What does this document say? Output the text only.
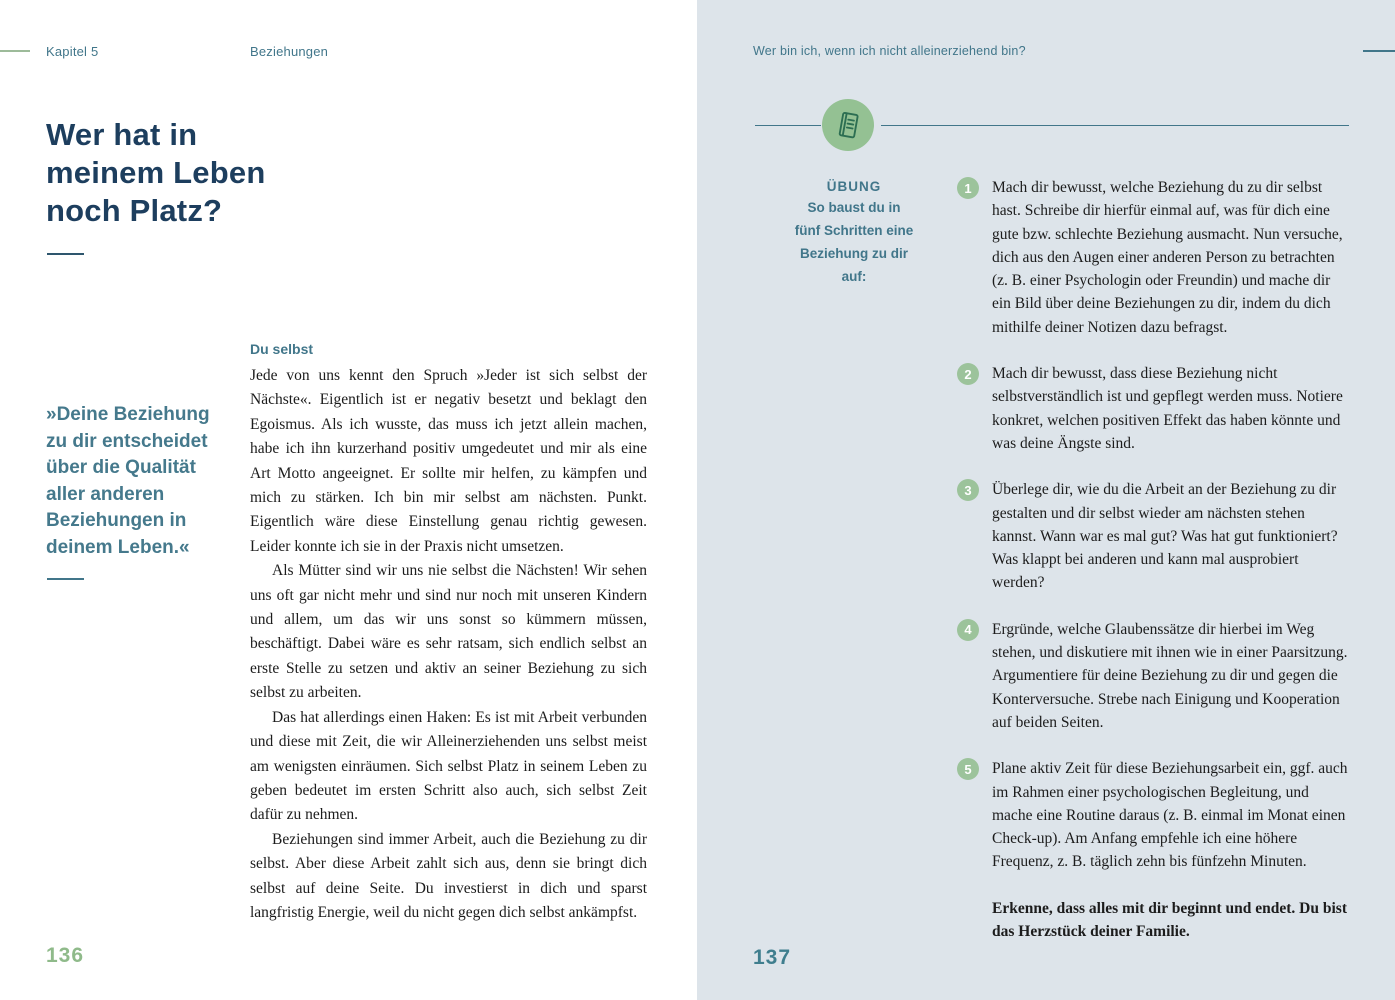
Kapitel 5	Beziehungen
Wer hat in meinem Leben noch Platz?
»Deine Beziehung zu dir entscheidet über die Qualität aller anderen Beziehungen in deinem Leben.«
Du selbst

Jede von uns kennt den Spruch »Jeder ist sich selbst der Nächste«. Eigentlich ist er negativ besetzt und beklagt den Egoismus. Als ich wusste, das muss ich jetzt allein machen, habe ich ihn kurzerhand positiv umgedeutet und mir als eine Art Motto angeeignet. Er sollte mir helfen, zu kämpfen und mich zu stärken. Ich bin mir selbst am nächsten. Punkt. Eigentlich wäre diese Einstellung genau richtig gewesen. Leider konnte ich sie in der Praxis nicht umsetzen.

Als Mütter sind wir uns nie selbst die Nächsten! Wir sehen uns oft gar nicht mehr und sind nur noch mit unseren Kindern und allem, um das wir uns sonst so kümmern müssen, beschäftigt. Dabei wäre es sehr ratsam, sich endlich selbst an erste Stelle zu setzen und aktiv an seiner Beziehung zu sich selbst zu arbeiten.

Das hat allerdings einen Haken: Es ist mit Arbeit verbunden und diese mit Zeit, die wir Alleinerziehenden uns selbst meist am wenigsten einräumen. Sich selbst Platz in seinem Leben zu geben bedeutet im ersten Schritt also auch, sich selbst Zeit dafür zu nehmen.

Beziehungen sind immer Arbeit, auch die Beziehung zu dir selbst. Aber diese Arbeit zahlt sich aus, denn sie bringt dich selbst auf deine Seite. Du investierst in dich und sparst langfristig Energie, weil du nicht gegen dich selbst ankämpfst.

136
Wer bin ich, wenn ich nicht alleinerziehend bin?
ÜBUNG
So baust du in fünf Schritten eine Beziehung zu dir auf:
1	Mach dir bewusst, welche Beziehung du zu dir selbst hast. Schreibe dir hierfür einmal auf, was für dich eine gute bzw. schlechte Beziehung ausmacht. Nun versuche, dich aus den Augen einer anderen Person zu betrachten (z. B. einer Psychologin oder Freundin) und mache dir ein Bild über deine Beziehungen zu dir, indem du dich mithilfe deiner Notizen dazu befragst.
2	Mach dir bewusst, dass diese Beziehung nicht selbstverständlich ist und gepflegt werden muss. Notiere konkret, welchen positiven Effekt das haben könnte und was deine Ängste sind.
3	Überlege dir, wie du die Arbeit an der Beziehung zu dir gestalten und dir selbst wieder am nächsten stehen kannst. Wann war es mal gut? Was hat gut funktioniert? Was klappt bei anderen und kann mal ausprobiert werden?
4	Ergründe, welche Glaubenssätze dir hierbei im Weg stehen, und diskutiere mit ihnen wie in einer Paarsitzung. Argumentiere für deine Beziehung zu dir und gegen die Konterversuche. Strebe nach Einigung und Kooperation auf beiden Seiten.
5	Plane aktiv Zeit für diese Beziehungsarbeit ein, ggf. auch im Rahmen einer psychologischen Begleitung, und mache eine Routine daraus (z. B. einmal im Monat einen Check-up). Am Anfang empfehle ich eine höhere Frequenz, z. B. täglich zehn bis fünfzehn Minuten.
Erkenne, dass alles mit dir beginnt und endet. Du bist das Herzstück deiner Familie.
137
